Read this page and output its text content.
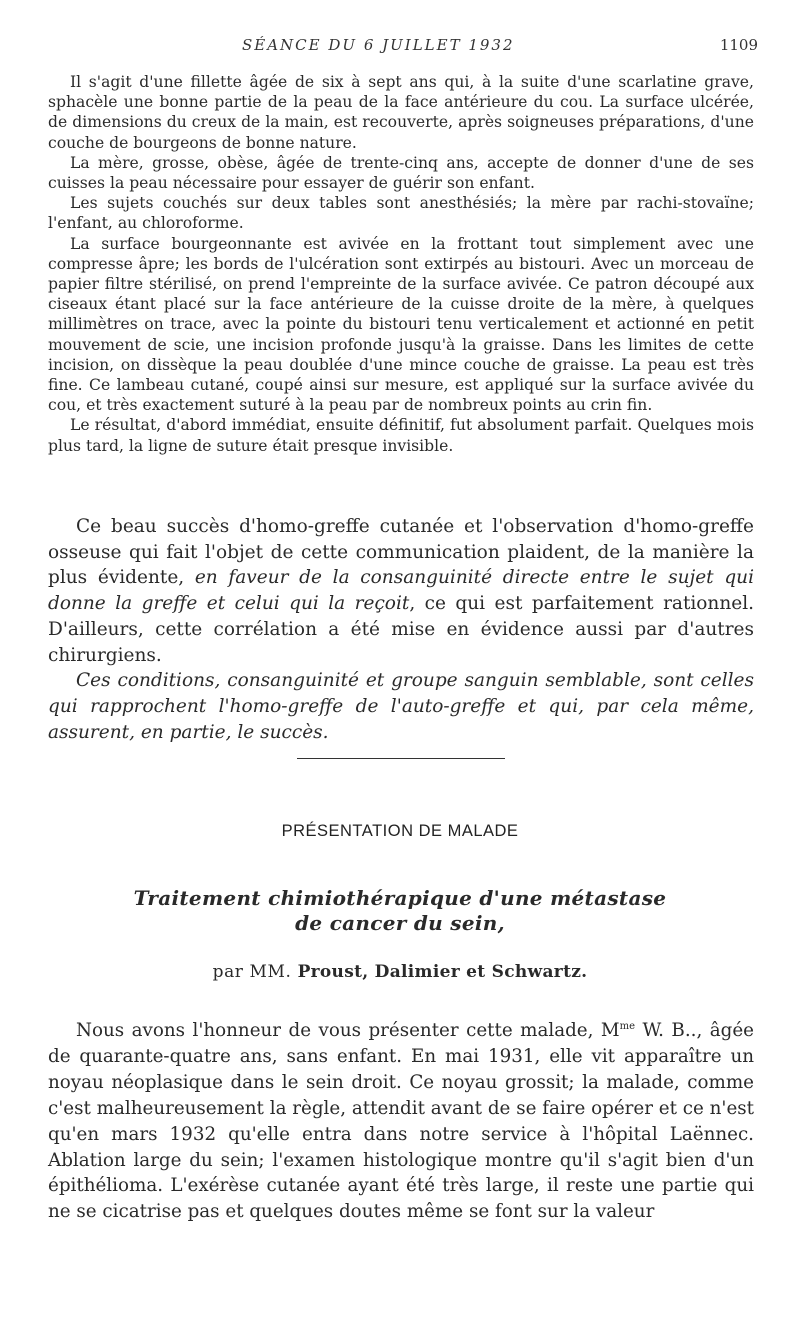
SÉANCE DU 6 JUILLET 1932	1109

Il s'agit d'une fillette âgée de six à sept ans qui, à la suite d'une scarlatine grave, sphacèle une bonne partie de la peau de la face antérieure du cou. La surface ulcérée, de dimensions du creux de la main, est recouverte, après soigneuses préparations, d'une couche de bourgeons de bonne nature.

La mère, grosse, obèse, âgée de trente-cinq ans, accepte de donner d'une de ses cuisses la peau nécessaire pour essayer de guérir son enfant.

Les sujets couchés sur deux tables sont anesthésiés; la mère par rachi-stovaïne; l'enfant, au chloroforme.

La surface bourgeonnante est avivée en la frottant tout simplement avec une compresse âpre; les bords de l'ulcération sont extirpés au bistouri. Avec un morceau de papier filtre stérilisé, on prend l'empreinte de la surface avivée. Ce patron découpé aux ciseaux étant placé sur la face antérieure de la cuisse droite de la mère, à quelques millimètres on trace, avec la pointe du bistouri tenu verticalement et actionné en petit mouvement de scie, une incision profonde jusqu'à la graisse. Dans les limites de cette incision, on dissèque la peau doublée d'une mince couche de graisse. La peau est très fine. Ce lambeau cutané, coupé ainsi sur mesure, est appliqué sur la surface avivée du cou, et très exactement suturé à la peau par de nombreux points au crin fin.

Le résultat, d'abord immédiat, ensuite définitif, fut absolument parfait. Quelques mois plus tard, la ligne de suture était presque invisible.

Ce beau succès d'homo-greffe cutanée et l'observation d'homo-greffe osseuse qui fait l'objet de cette communication plaident, de la manière la plus évidente, en faveur de la consanguinité directe entre le sujet qui donne la greffe et celui qui la reçoit, ce qui est parfaitement rationnel. D'ailleurs, cette corrélation a été mise en évidence aussi par d'autres chirurgiens.

Ces conditions, consanguinité et groupe sanguin semblable, sont celles qui rapprochent l'homo-greffe de l'auto-greffe et qui, par cela même, assurent, en partie, le succès.

PRÉSENTATION DE MALADE
Traitement chimiothérapique d'une métastase
de cancer du sein,
par MM. Proust, Dalimier et Schwartz.

Nous avons l'honneur de vous présenter cette malade, $M^{me}$ W. B.., âgée de quarante-quatre ans, sans enfant. En mai 1931, elle vit apparaître un noyau néoplasique dans le sein droit. Ce noyau grossit; la malade, comme c'est malheureusement la règle, attendit avant de se faire opérer et ce n'est qu'en mars 1932 qu'elle entra dans notre service à l'hôpital Laënnec. Ablation large du sein; l'examen histologique montre qu'il s'agit bien d'un épithélioma. L'exérèse cutanée ayant été très large, il reste une partie qui ne se cicatrise pas et quelques doutes même se font sur la valeur
